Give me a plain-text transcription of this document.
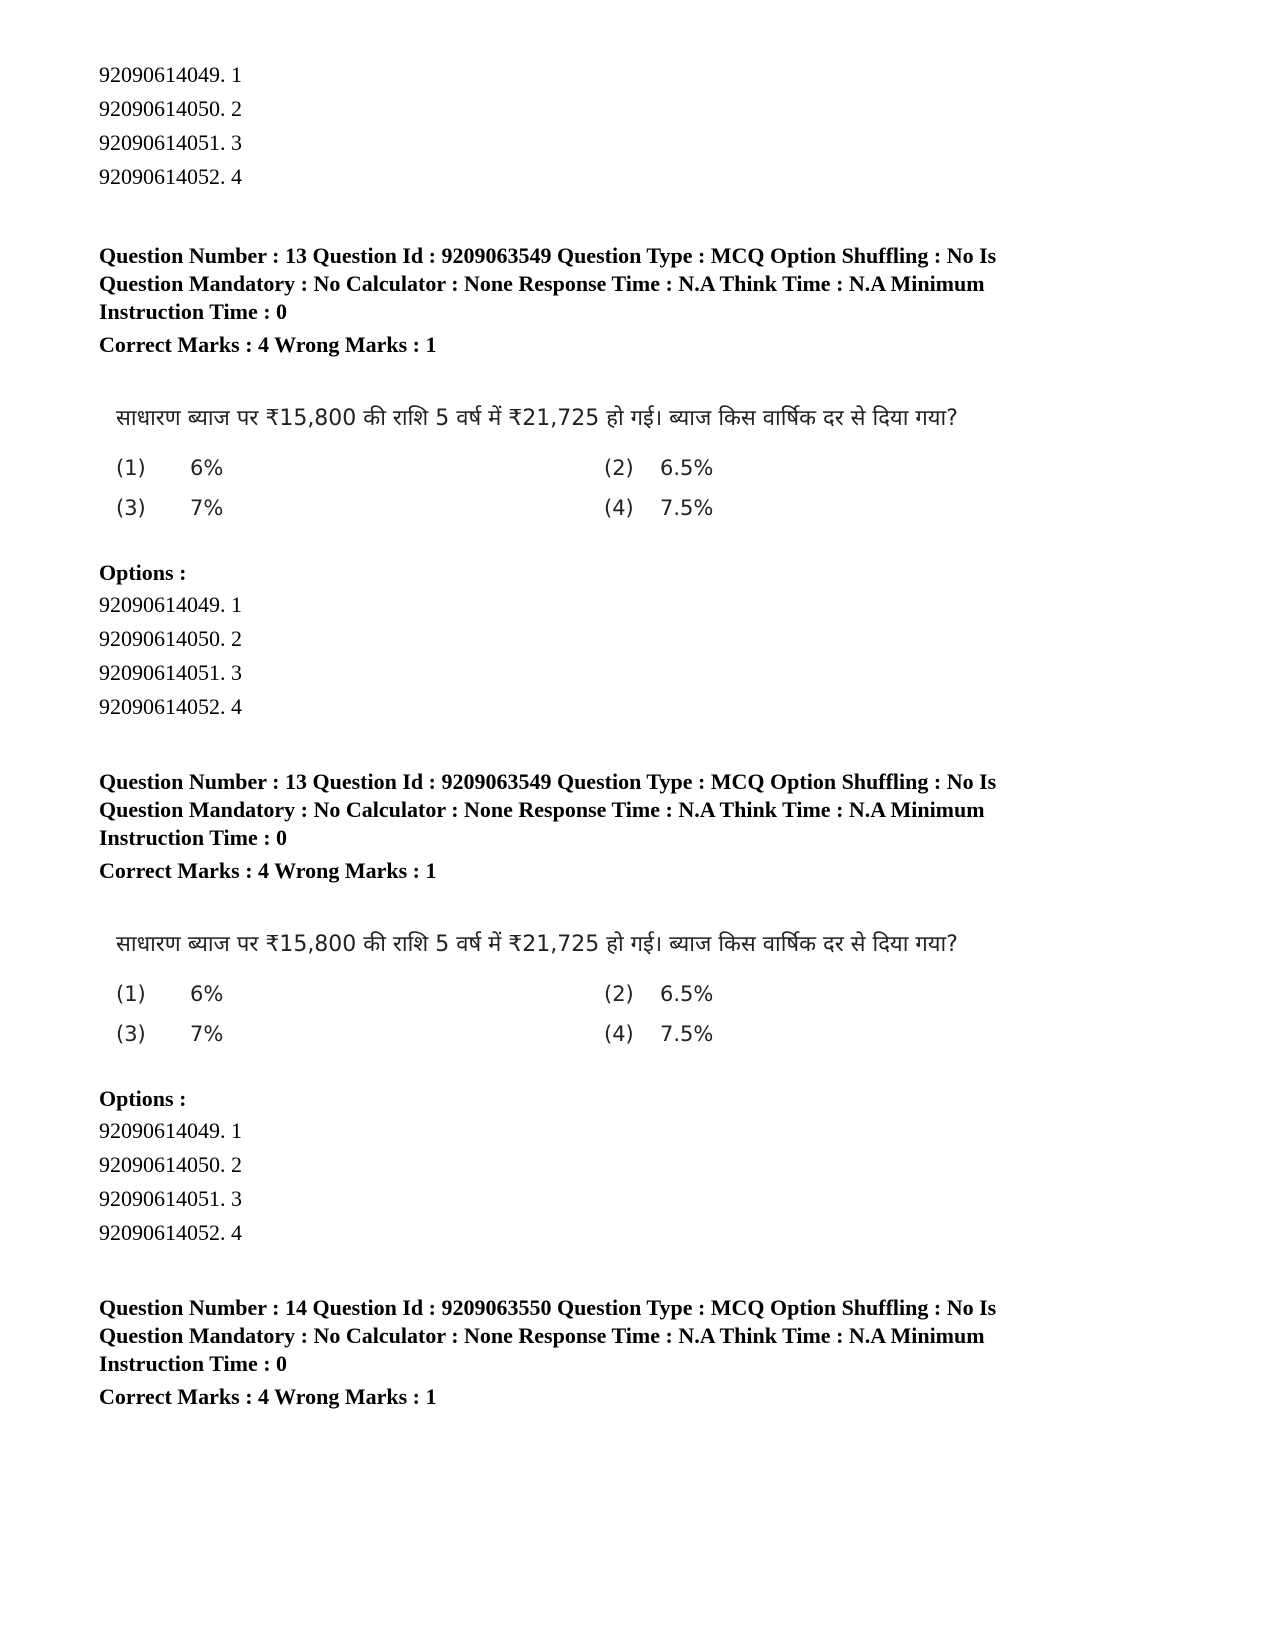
92090614049. 1
92090614050. 2
92090614051. 3
92090614052. 4
Question Number : 13 Question Id : 9209063549 Question Type : MCQ Option Shuffling : No Is
Question Mandatory : No Calculator : None Response Time : N.A Think Time : N.A Minimum
Instruction Time : 0
Correct Marks : 4 Wrong Marks : 1
साधारण ब्याज पर ₹15,800 की राशि 5 वर्ष में ₹21,725 हो गई। ब्याज किस वार्षिक दर से दिया गया?
(1) 6%	(2) 6.5%
(3) 7%	(4) 7.5%
Options :
92090614049. 1
92090614050. 2
92090614051. 3
92090614052. 4
Question Number : 13 Question Id : 9209063549 Question Type : MCQ Option Shuffling : No Is
Question Mandatory : No Calculator : None Response Time : N.A Think Time : N.A Minimum
Instruction Time : 0
Correct Marks : 4 Wrong Marks : 1
साधारण ब्याज पर ₹15,800 की राशि 5 वर्ष में ₹21,725 हो गई। ब्याज किस वार्षिक दर से दिया गया?
(1) 6%	(2) 6.5%
(3) 7%	(4) 7.5%
Options :
92090614049. 1
92090614050. 2
92090614051. 3
92090614052. 4
Question Number : 14 Question Id : 9209063550 Question Type : MCQ Option Shuffling : No Is
Question Mandatory : No Calculator : None Response Time : N.A Think Time : N.A Minimum
Instruction Time : 0
Correct Marks : 4 Wrong Marks : 1
